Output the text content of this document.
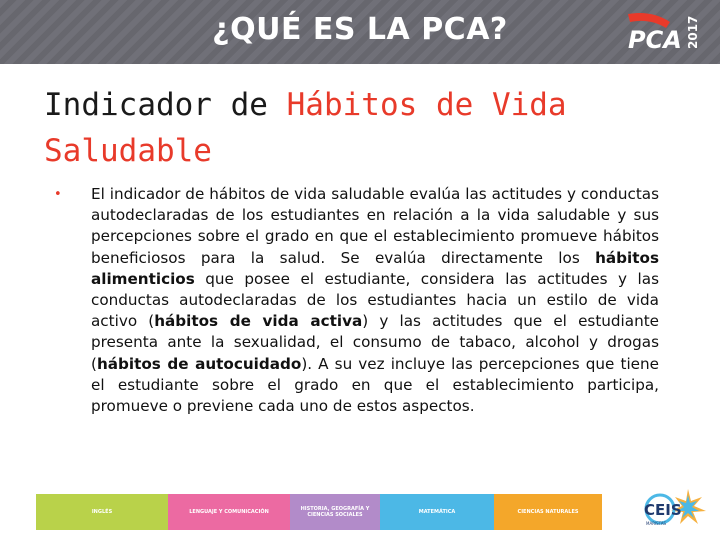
¿QUÉ ES LA PCA?	PCA 2017
Indicador de Hábitos de Vida
Saludable
• El indicador de hábitos de vida saludable evalúa las actitudes y conductas autodeclaradas de los estudiantes en relación a la vida saludable y sus percepciones sobre el grado en que el establecimiento promueve hábitos beneficiosos para la salud. Se evalúa directamente los hábitos alimenticios que posee el estudiante, considera las actitudes y las conductas autodeclaradas de los estudiantes hacia un estilo de vida activo (hábitos de vida activa) y las actitudes que el estudiante presenta ante la sexualidad, el consumo de tabaco, alcohol y drogas (hábitos de autocuidado). A su vez incluye las percepciones que tiene el estudiante sobre el grado en que el establecimiento participa, promueve o previene cada uno de estos aspectos.
INGLÉS	LENGUAJE Y COMUNICACIÓN	HISTORIA, GEOGRAFÍA Y CIENCIAS SOCIALES	MATEMÁTICA	CIENCIAS NATURALES	CEIS
MARISTAS
